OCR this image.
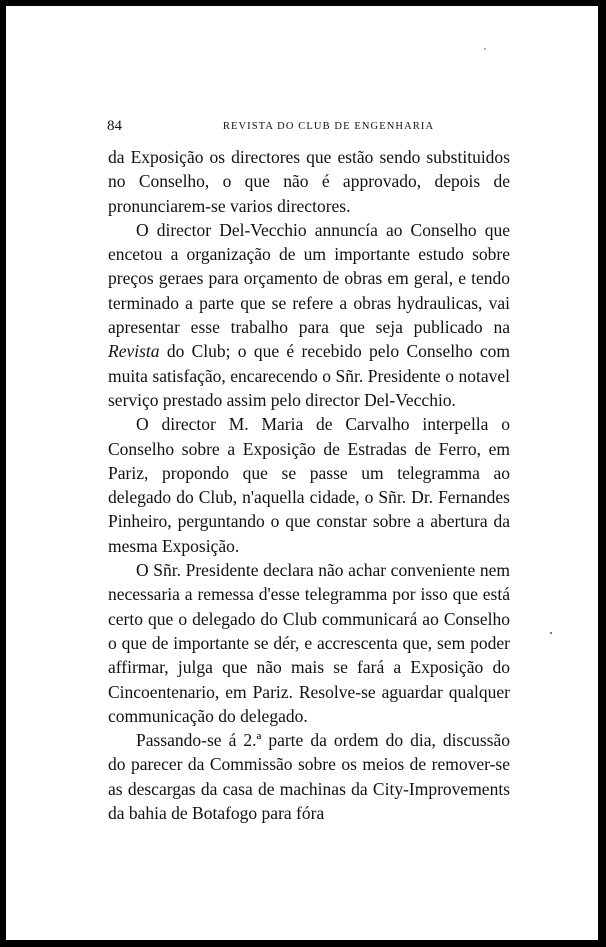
84	REVISTA DO CLUB DE ENGENHARIA

da Exposição os directores que estão sendo substituidos no Conselho, o que não é approvado, depois de pronunciarem-se varios directores.

O director Del-Vecchio annuncía ao Conselho que encetou a organização de um importante estudo sobre preços geraes para orçamento de obras em geral, e tendo terminado a parte que se refere a obras hydraulicas, vai apresentar esse trabalho para que seja publicado na Revista do Club; o que é recebido pelo Conselho com muita satisfação, encarecendo o Sñr. Presidente o notavel serviço prestado assim pelo director Del-Vecchio.

O director M. Maria de Carvalho interpella o Conselho sobre a Exposição de Estradas de Ferro, em Pariz, propondo que se passe um telegramma ao delegado do Club, n'aquella cidade, o Sñr. Dr. Fernandes Pinheiro, perguntando o que constar sobre a abertura da mesma Exposição.

O Sñr. Presidente declara não achar conveniente nem necessaria a remessa d'esse telegramma por isso que está certo que o delegado do Club communicará ao Conselho o que de importante se dér, e accrescenta que, sem poder affirmar, julga que não mais se fará a Exposição do Cincoentenario, em Pariz. Resolve-se aguardar qualquer communicação do delegado.

Passando-se á 2.ª parte da ordem do dia, discussão do parecer da Commissão sobre os meios de remover-se as descargas da casa de machinas da City-Improvements da bahia de Botafogo para fóra
